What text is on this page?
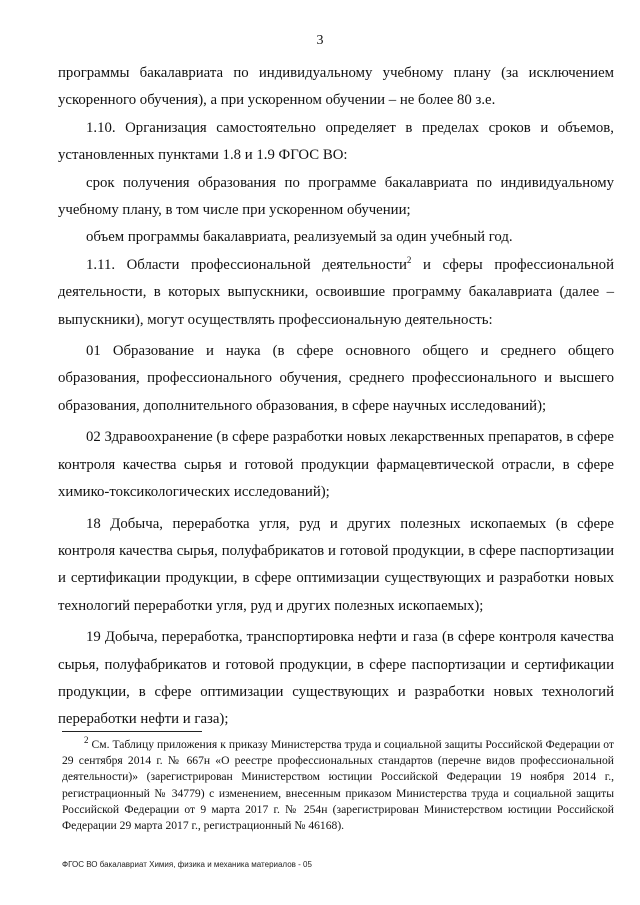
3

программы бакалавриата по индивидуальному учебному плану (за исключением ускоренного обучения), а при ускоренном обучении – не более 80 з.е.

1.10. Организация самостоятельно определяет в пределах сроков и объемов, установленных пунктами 1.8 и 1.9 ФГОС ВО:

срок получения образования по программе бакалавриата по индивидуальному учебному плану, в том числе при ускоренном обучении;

объем программы бакалавриата, реализуемый за один учебный год.

1.11. Области профессиональной деятельности$^2$ и сферы профессиональной деятельности, в которых выпускники, освоившие программу бакалавриата (далее – выпускники), могут осуществлять профессиональную деятельность:

01 Образование и наука (в сфере основного общего и среднего общего образования, профессионального обучения, среднего профессионального и высшего образования, дополнительного образования, в сфере научных исследований);

02 Здравоохранение (в сфере разработки новых лекарственных препаратов, в сфере контроля качества сырья и готовой продукции фармацевтической отрасли, в сфере химико-токсикологических исследований);

18 Добыча, переработка угля, руд и других полезных ископаемых (в сфере контроля качества сырья, полуфабрикатов и готовой продукции, в сфере паспортизации и сертификации продукции, в сфере оптимизации существующих и разработки новых технологий переработки угля, руд и других полезных ископаемых);

19 Добыча, переработка, транспортировка нефти и газа (в сфере контроля качества сырья, полуфабрикатов и готовой продукции, в сфере паспортизации и сертификации продукции, в сфере оптимизации существующих и разработки новых технологий переработки нефти и газа);

$^2$ См. Таблицу приложения к приказу Министерства труда и социальной защиты Российской Федерации от 29 сентября 2014 г. № 667н «О реестре профессиональных стандартов (перечне видов профессиональной деятельности)» (зарегистрирован Министерством юстиции Российской Федерации 19 ноября 2014 г., регистрационный № 34779) с изменением, внесенным приказом Министерства труда и социальной защиты Российской Федерации от 9 марта 2017 г. № 254н (зарегистрирован Министерством юстиции Российской Федерации 29 марта 2017 г., регистрационный № 46168).

ФГОС ВО бакалавриат Химия, физика и механика материалов - 05
